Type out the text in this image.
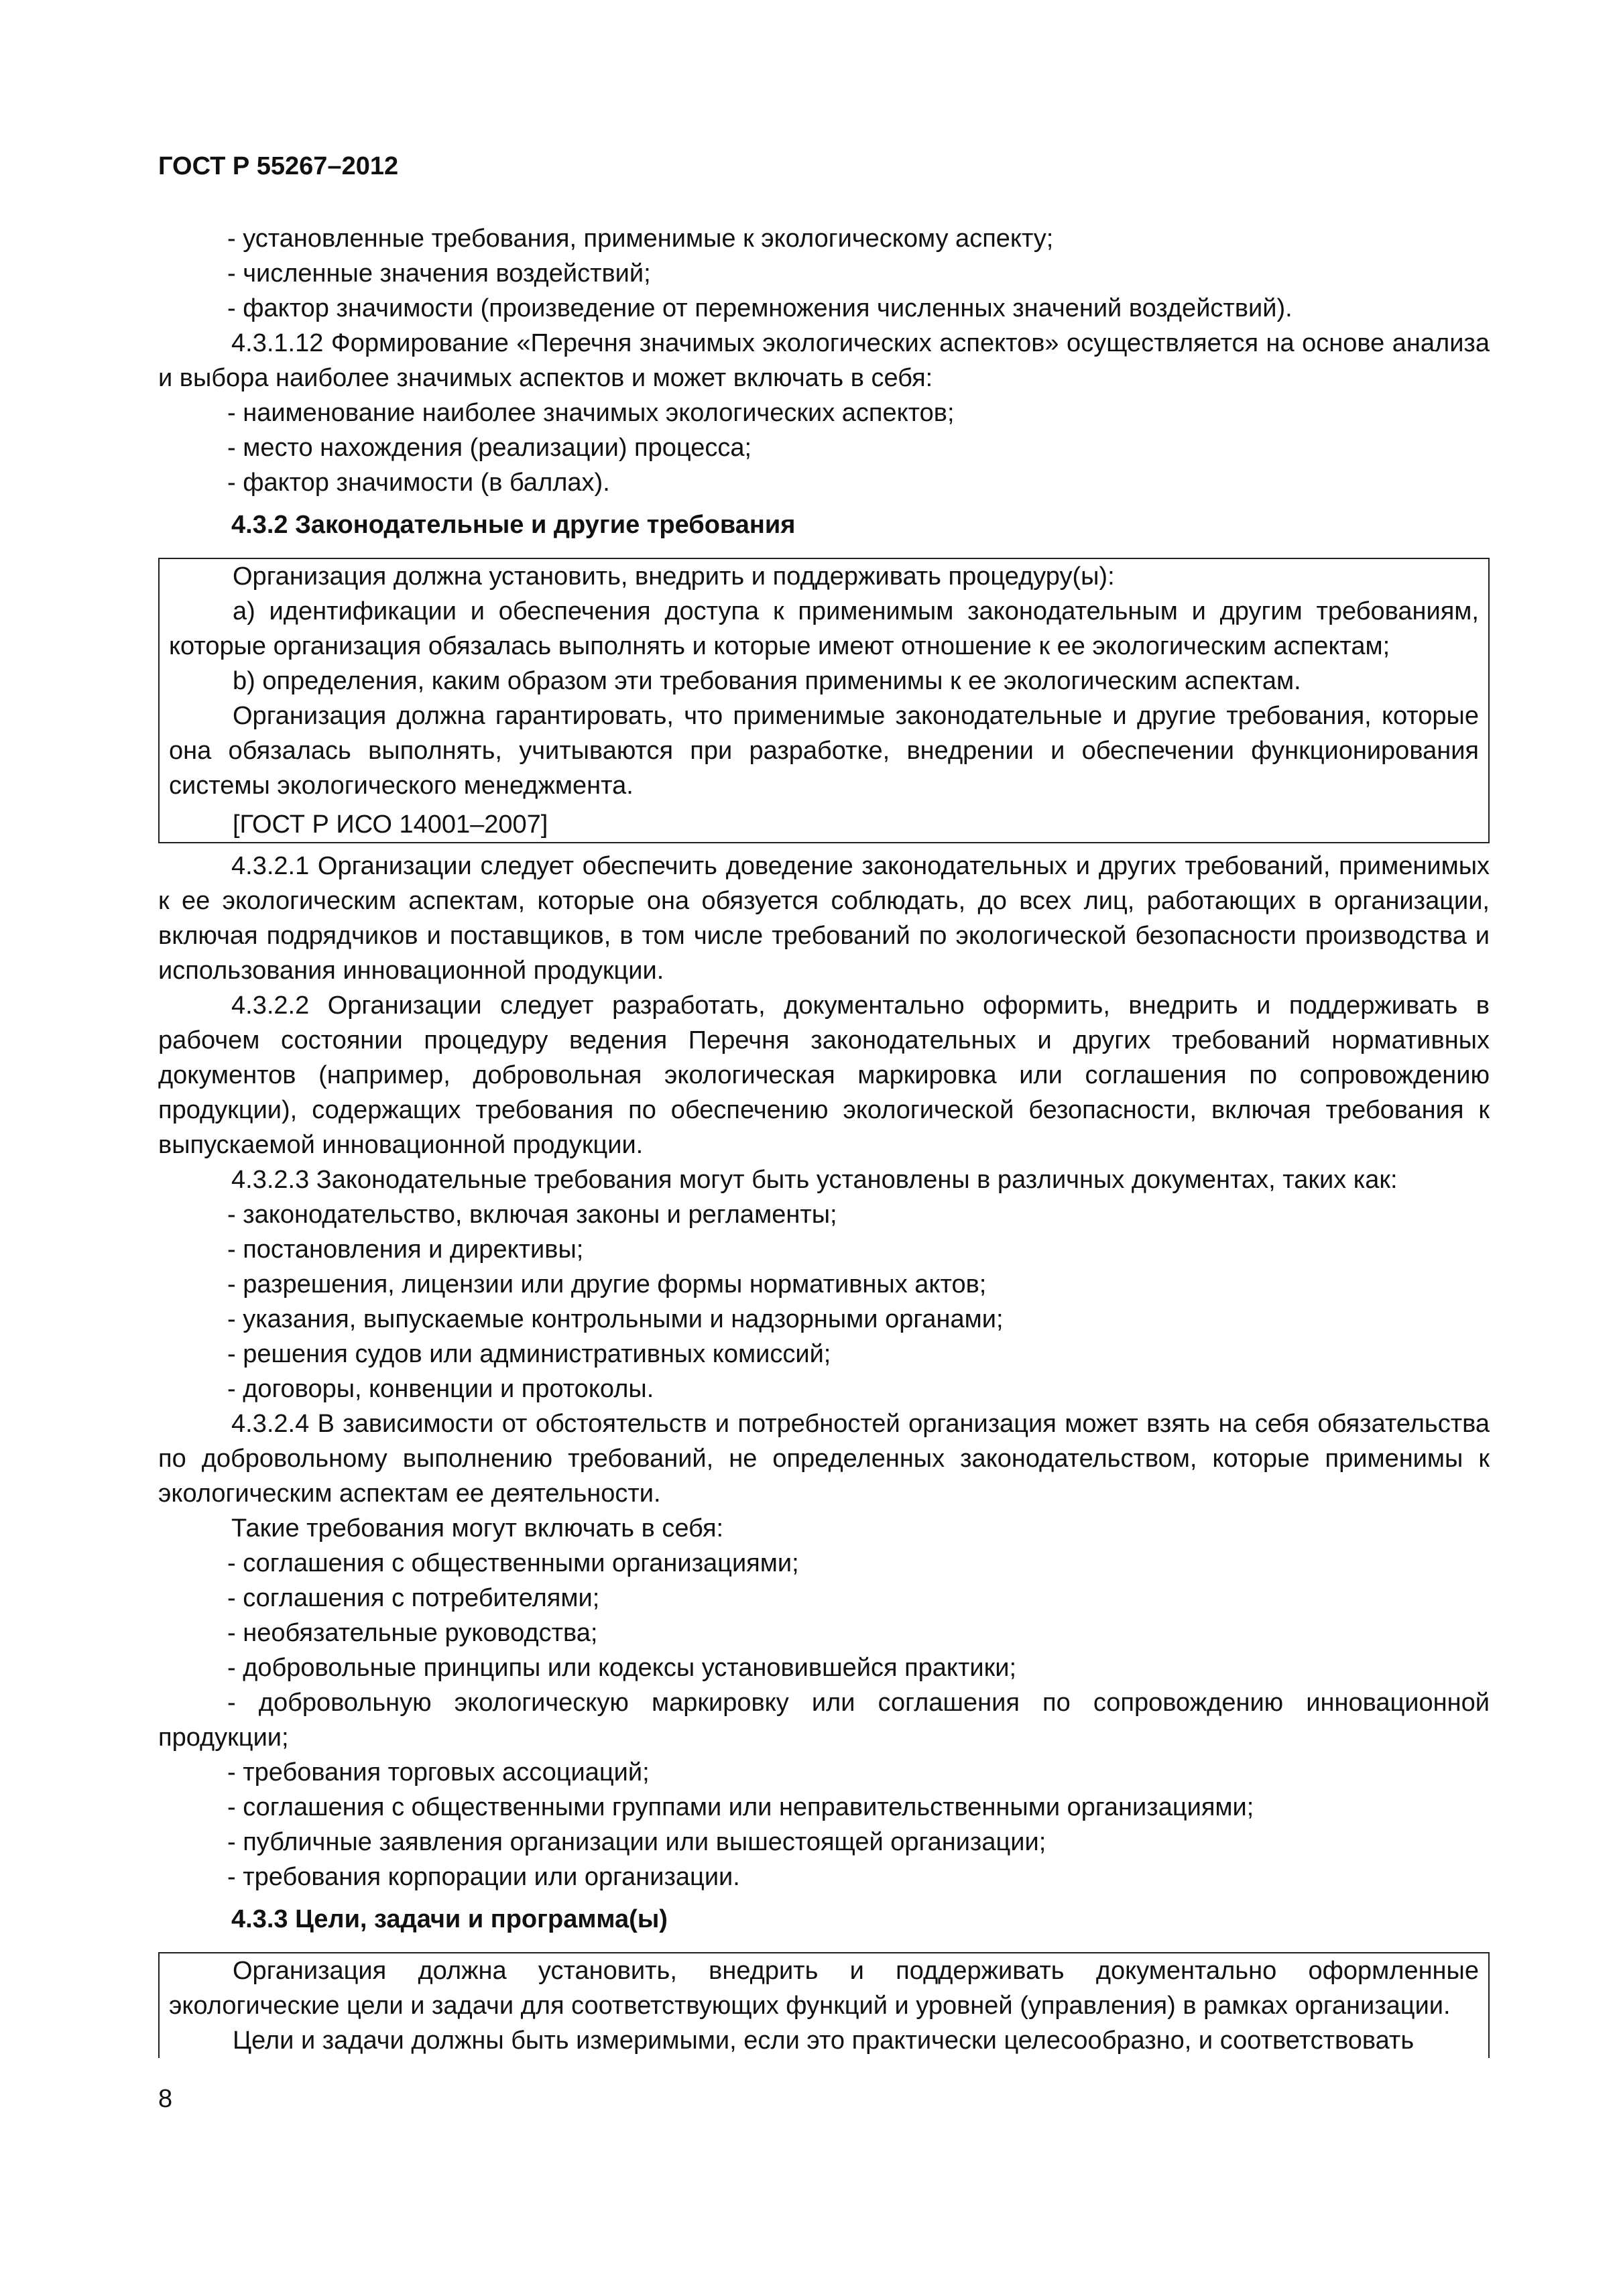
ГОСТ Р 55267–2012

- установленные требования, применимые к экологическому аспекту;

- численные значения воздействий;

- фактор значимости (произведение от перемножения численных значений воздействий).

4.3.1.12 Формирование «Перечня значимых экологических аспектов» осуществляется на основе анализа и выбора наиболее значимых аспектов и может включать в себя:

- наименование наиболее значимых экологических аспектов;

- место нахождения (реализации) процесса;

- фактор значимости (в баллах).

4.3.2 Законодательные и другие требования

Организация должна установить, внедрить и поддерживать процедуру(ы):

а) идентификации и обеспечения доступа к применимым законодательным и другим требованиям, которые организация обязалась выполнять и которые имеют отношение к ее экологическим аспектам;

b) определения, каким образом эти требования применимы к ее экологическим аспектам.

Организация должна гарантировать, что применимые законодательные и другие требования, которые она обязалась выполнять, учитываются при разработке, внедрении и обеспечении функционирования системы экологического менеджмента.

[ГОСТ Р ИСО 14001–2007]

4.3.2.1 Организации следует обеспечить доведение законодательных и других требований, применимых к ее экологическим аспектам, которые она обязуется соблюдать, до всех лиц, работающих в организации, включая подрядчиков и поставщиков, в том числе требований по экологической безопасности производства и использования инновационной продукции.

4.3.2.2 Организации следует разработать, документально оформить, внедрить и поддерживать в рабочем состоянии процедуру ведения Перечня законодательных и других требований нормативных документов (например, добровольная экологическая маркировка или соглашения по сопровождению продукции), содержащих требования по обеспечению экологической безопасности, включая требования к выпускаемой инновационной продукции.

4.3.2.3 Законодательные требования могут быть установлены в различных документах, таких как:

- законодательство, включая законы и регламенты;

- постановления и директивы;

- разрешения, лицензии или другие формы нормативных актов;

- указания, выпускаемые контрольными и надзорными органами;

- решения судов или административных комиссий;

- договоры, конвенции и протоколы.

4.3.2.4 В зависимости от обстоятельств и потребностей организация может взять на себя обязательства по добровольному выполнению требований, не определенных законодательством, которые применимы к экологическим аспектам ее деятельности.

Такие требования могут включать в себя:

- соглашения с общественными организациями;

- соглашения с потребителями;

- необязательные руководства;

- добровольные принципы или кодексы установившейся практики;

- добровольную экологическую маркировку или соглашения по сопровождению инновационной продукции;

- требования торговых ассоциаций;

- соглашения с общественными группами или неправительственными организациями;

- публичные заявления организации или вышестоящей организации;

- требования корпорации или организации.

4.3.3 Цели, задачи и программа(ы)

Организация должна установить, внедрить и поддерживать документально оформленные экологические цели и задачи для соответствующих функций и уровней (управления) в рамках организации.

Цели и задачи должны быть измеримыми, если это практически целесообразно, и соответствовать

8
